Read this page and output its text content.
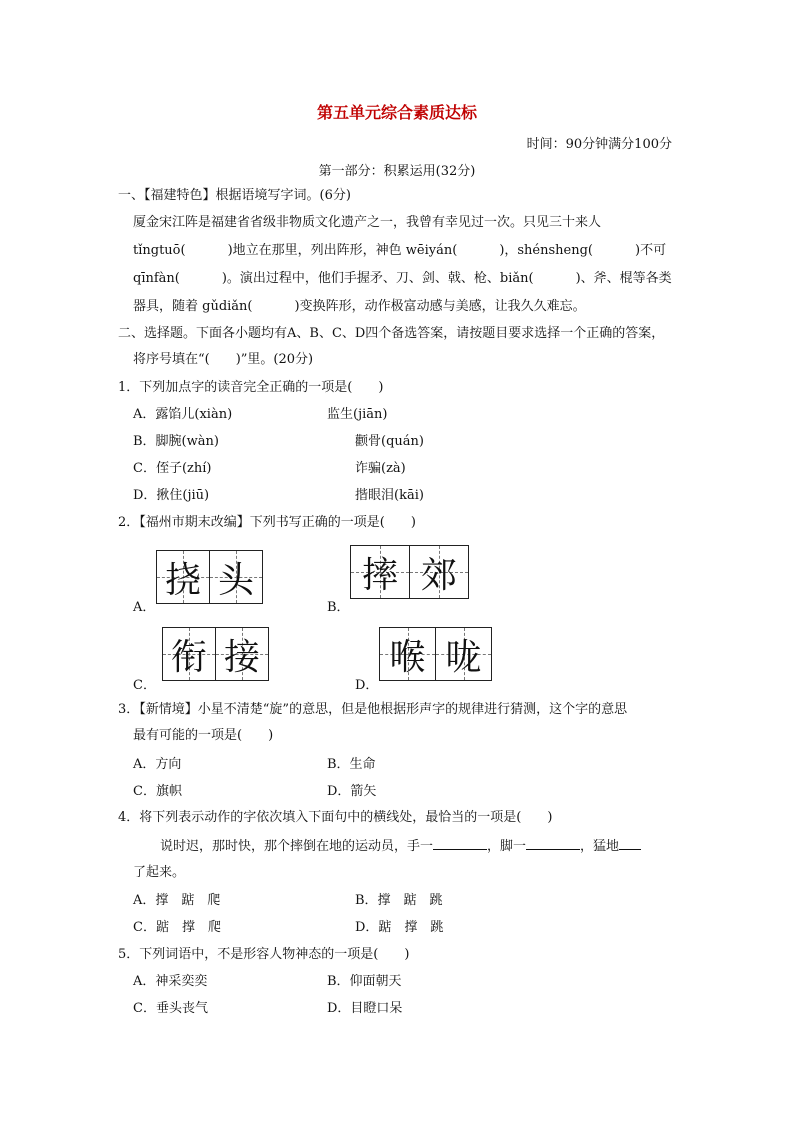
第五单元综合素质达标
时间：90分钟满分100分
第一部分：积累运用(32分)
一、【福建特色】根据语境写字词。(6分)
厦金宋江阵是福建省省级非物质文化遗产之一，我曾有幸见过一次。只见三十来人
tǐngtuō(	)地立在那里，列出阵形，神色 wēiyán(	)，shénsheng(	)不可
qīnfàn(	)。演出过程中，他们手握矛、刀、剑、戟、枪、biǎn(	)、斧、棍等各类
器具，随着 gǔdiǎn(	)变换阵形，动作极富动感与美感，让我久久难忘。
二、选择题。下面各小题均有A、B、C、D四个备选答案，请按题目要求选择一个正确的答案，
将序号填在“(　　)”里。(20分)
1．下列加点字的读音完全正确的一项是(　　)
A．露馅儿(xiàn)	监生(jiān)
B．脚腕(wàn)	颧骨(quán)
C．侄子(zhí)	诈骗(zà)
D．揪住(jiū)	揩眼泪(kāi)
2．【福州市期末改编】下列书写正确的一项是(　　)
A．
挠 头
B．
摔 郊
C．
衔 接
D．
喉 咙
3．【新情境】小星不清楚“旋”的意思，但是他根据形声字的规律进行猜测，这个字的意思
最有可能的一项是(　　)
A．方向	B．生命
C．旗帜	D．箭矢
4．将下列表示动作的字依次填入下面句中的横线处，最恰当的一项是(　　)
说时迟，那时快，那个摔倒在地的运动员，手一	，脚一	，猛地
了起来。
A．撑　踮　爬	B．撑　踮　跳
C．踮　撑　爬	D．踮　撑　跳
5．下列词语中，不是形容人物神态的一项是(　　)
A．神采奕奕	B．仰面朝天
C．垂头丧气	D．目瞪口呆
